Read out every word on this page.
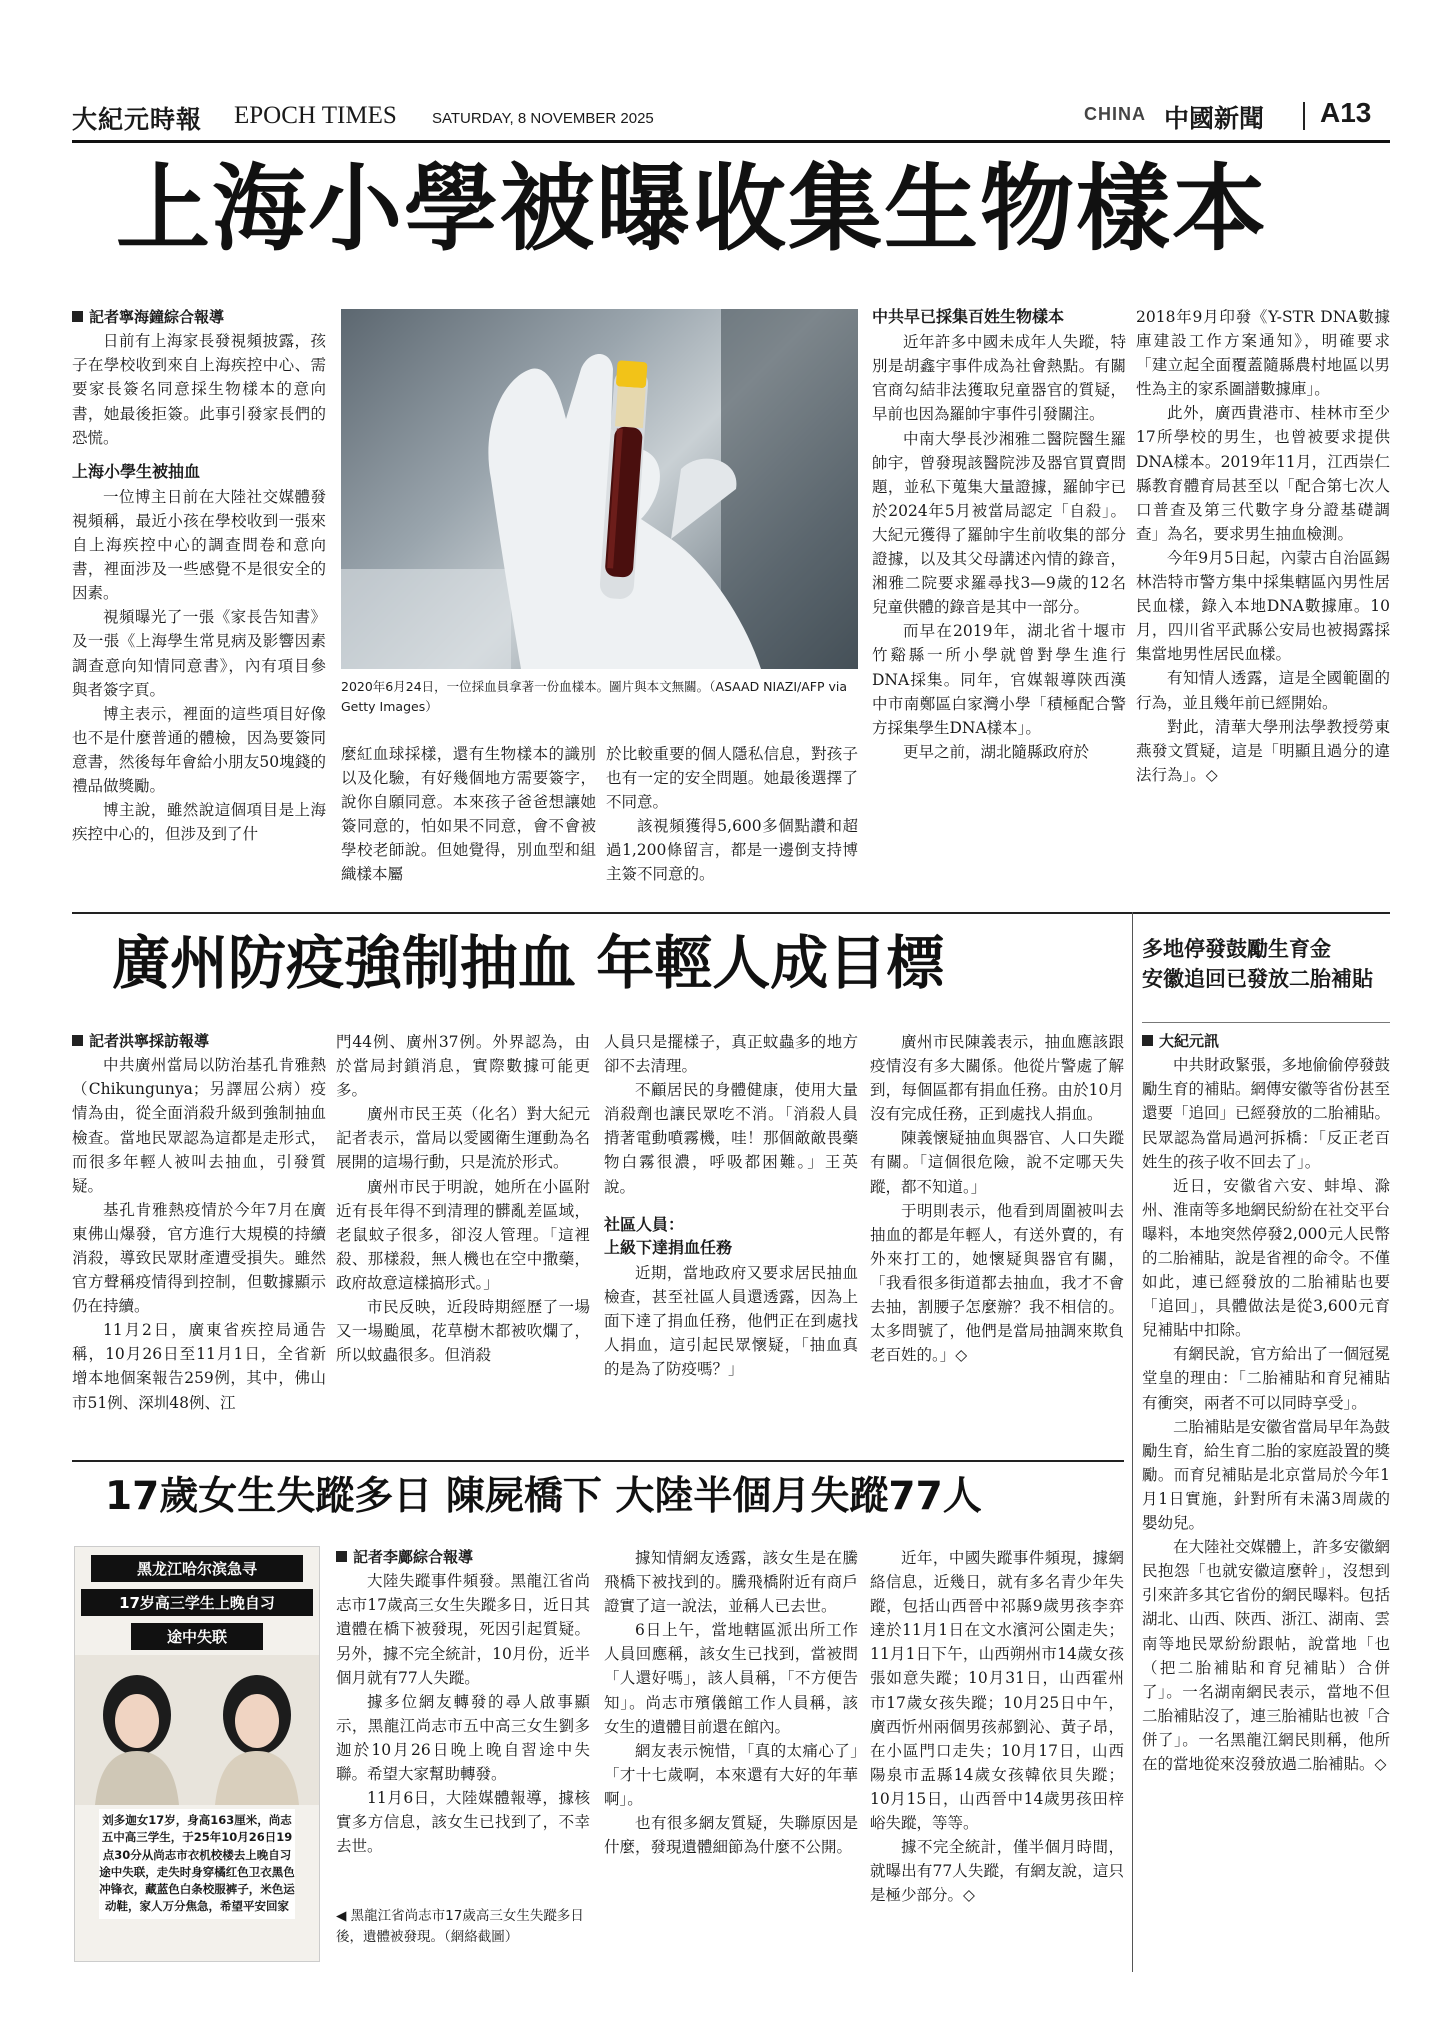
大紀元時報 EPOCH TIMES SATURDAY, 8 NOVEMBER 2025	CHINA 中國新聞 A13
上海小學被曝收集生物樣本
記者寧海鐘綜合報導

日前有上海家長發視頻披露，孩子在學校收到來自上海疾控中心、需要家長簽名同意採生物樣本的意向書，她最後拒簽。此事引發家長們的恐慌。

上海小學生被抽血

一位博主日前在大陸社交媒體發視頻稱，最近小孩在學校收到一張來自上海疾控中心的調查問卷和意向書，裡面涉及一些感覺不是很安全的因素。

視頻曝光了一張《家長告知書》及一張《上海學生常見病及影響因素調查意向知情同意書》，內有項目參與者簽字頁。

博主表示，裡面的這些項目好像也不是什麼普通的體檢，因為要簽同意書，然後每年會給小朋友50塊錢的禮品做獎勵。

博主說，雖然說這個項目是上海疾控中心的，但涉及到了什

2020年6月24日，一位採血員拿著一份血樣本。圖片與本文無關。（ASAAD NIAZI/AFP via Getty Images）

麼紅血球採樣，還有生物樣本的識別以及化驗，有好幾個地方需要簽字，說你自願同意。本來孩子爸爸想讓她簽同意的，怕如果不同意，會不會被學校老師說。但她覺得，別血型和組織樣本屬

於比較重要的個人隱私信息，對孩子也有一定的安全問題。她最後選擇了不同意。

該視頻獲得5,600多個點讚和超過1,200條留言，都是一邊倒支持博主簽不同意的。

中共早已採集百姓生物樣本

近年許多中國未成年人失蹤，特別是胡鑫宇事件成為社會熱點。有關官商勾結非法獲取兒童器官的質疑，早前也因為羅帥宇事件引發關注。

中南大學長沙湘雅二醫院醫生羅帥宇，曾發現該醫院涉及器官買賣問題，並私下蒐集大量證據，羅帥宇已於2024年5月被當局認定「自殺」。大紀元獲得了羅帥宇生前收集的部分證據，以及其父母講述內情的錄音，湘雅二院要求羅尋找3—9歲的12名兒童供體的錄音是其中一部分。

而早在2019年，湖北省十堰市竹谿縣一所小學就曾對學生進行DNA採集。同年，官媒報導陝西漢中市南鄭區白家灣小學「積極配合警方採集學生DNA樣本」。

更早之前，湖北隨縣政府於

2018年9月印發《Y-STR DNA數據庫建設工作方案通知》，明確要求「建立起全面覆蓋隨縣農村地區以男性為主的家系圖譜數據庫」。

此外，廣西貴港市、桂林市至少17所學校的男生，也曾被要求提供DNA樣本。2019年11月，江西崇仁縣教育體育局甚至以「配合第七次人口普查及第三代數字身分證基礎調查」為名，要求男生抽血檢測。

今年9月5日起，內蒙古自治區錫林浩特市警方集中採集轄區內男性居民血樣，錄入本地DNA數據庫。10月，四川省平武縣公安局也被揭露採集當地男性居民血樣。

有知情人透露，這是全國範圍的行為，並且幾年前已經開始。

對此，清華大學刑法學教授勞東燕發文質疑，這是「明顯且過分的違法行為」。◇

廣州防疫強制抽血 年輕人成目標
記者洪寧採訪報導

中共廣州當局以防治基孔肯雅熱（Chikungunya；另譯屈公病）疫情為由，從全面消殺升級到強制抽血檢查。當地民眾認為這都是走形式，而很多年輕人被叫去抽血，引發質疑。

基孔肯雅熱疫情於今年7月在廣東佛山爆發，官方進行大規模的持續消殺，導致民眾財產遭受損失。雖然官方聲稱疫情得到控制，但數據顯示仍在持續。

11月2日，廣東省疾控局通告稱，10月26日至11月1日，全省新增本地個案報告259例，其中，佛山市51例、深圳48例、江

門44例、廣州37例。外界認為，由於當局封鎖消息，實際數據可能更多。

廣州市民王英（化名）對大紀元記者表示，當局以愛國衛生運動為名展開的這場行動，只是流於形式。

廣州市民于明說，她所在小區附近有長年得不到清理的髒亂差區域，老鼠蚊子很多，卻沒人管理。「這裡殺、那樣殺，無人機也在空中撒藥，政府故意這樣搞形式。」

市民反映，近段時期經歷了一場又一場颱風，花草樹木都被吹爛了，所以蚊蟲很多。但消殺

人員只是擺樣子，真正蚊蟲多的地方卻不去清理。

不顧居民的身體健康，使用大量消殺劑也讓民眾吃不消。「消殺人員揹著電動噴霧機，哇！那個敵敵畏藥物白霧很濃，呼吸都困難。」王英說。

社區人員：
上級下達捐血任務

近期，當地政府又要求居民抽血檢查，甚至社區人員還透露，因為上面下達了捐血任務，他們正在到處找人捐血，這引起民眾懷疑，「抽血真的是為了防疫嗎？」

廣州市民陳義表示，抽血應該跟疫情沒有多大關係。他從片警處了解到，每個區都有捐血任務。由於10月沒有完成任務，正到處找人捐血。

陳義懷疑抽血與器官、人口失蹤有關。「這個很危險，說不定哪天失蹤，都不知道。」

于明則表示，他看到周圍被叫去抽血的都是年輕人，有送外賣的，有外來打工的，她懷疑與器官有關，「我看很多街道都去抽血，我才不會去抽，割腰子怎麼辦？我不相信的。太多問號了，他們是當局抽調來欺負老百姓的。」◇

多地停發鼓勵生育金
安徽追回已發放二胎補貼
大紀元訊

中共財政緊張，多地偷偷停發鼓勵生育的補貼。網傳安徽等省份甚至還要「追回」已經發放的二胎補貼。民眾認為當局過河拆橋：「反正老百姓生的孩子收不回去了」。

近日，安徽省六安、蚌埠、滁州、淮南等多地網民紛紛在社交平台曝料，本地突然停發2,000元人民幣的二胎補貼，說是省裡的命令。不僅如此，連已經發放的二胎補貼也要「追回」，具體做法是從3,600元育兒補貼中扣除。

有網民說，官方給出了一個冠冕堂皇的理由：「二胎補貼和育兒補貼有衝突，兩者不可以同時享受」。

二胎補貼是安徽省當局早年為鼓勵生育，給生育二胎的家庭設置的獎勵。而育兒補貼是北京當局於今年1月1日實施，針對所有未滿3周歲的嬰幼兒。

在大陸社交媒體上，許多安徽網民抱怨「也就安徽這麼幹」，沒想到引來許多其它省份的網民曝料。包括湖北、山西、陝西、浙江、湖南、雲南等地民眾紛紛跟帖，說當地「也（把二胎補貼和育兒補貼）合併了」。一名湖南網民表示，當地不但二胎補貼沒了，連三胎補貼也被「合併了」。一名黑龍江網民則稱，他所在的當地從來沒發放過二胎補貼。◇

17歲女生失蹤多日 陳屍橋下 大陸半個月失蹤77人
黑龙江哈尔滨急寻
17岁高三学生上晚自习
途中失联
刘多迦女17岁，身高163厘米，尚志五中高三学生，于25年10月26日19点30分从尚志市衣机校楼去上晚自习途中失联，走失时身穿橘红色卫衣黑色冲锋衣，藏蓝色白条校服裤子，米色运动鞋，家人万分焦急，希望平安回家
記者李鄺綜合報導

大陸失蹤事件頻發。黑龍江省尚志市17歲高三女生失蹤多日，近日其遺體在橋下被發現，死因引起質疑。另外，據不完全統計，10月份，近半個月就有77人失蹤。

據多位網友轉發的尋人啟事顯示，黑龍江尚志市五中高三女生劉多迦於10月26日晚上晚自習途中失聯。希望大家幫助轉發。

11月6日，大陸媒體報導，據核實多方信息，該女生已找到了，不幸去世。

◀ 黑龍江省尚志市17歲高三女生失蹤多日後，遺體被發現。（網絡截圖）

據知情網友透露，該女生是在騰飛橋下被找到的。騰飛橋附近有商戶證實了這一說法，並稱人已去世。

6日上午，當地轄區派出所工作人員回應稱，該女生已找到，當被問「人還好嗎」，該人員稱，「不方便告知」。尚志市殯儀館工作人員稱，該女生的遺體目前還在館內。

網友表示惋惜，「真的太痛心了」「才十七歲啊，本來還有大好的年華啊」。

也有很多網友質疑，失聯原因是什麼，發現遺體細節為什麼不公開。

近年，中國失蹤事件頻現，據網絡信息，近幾日，就有多名青少年失蹤，包括山西晉中祁縣9歲男孩李弈達於11月1日在文水濱河公園走失；11月1日下午，山西朔州市14歲女孩張如意失蹤；10月31日，山西霍州市17歲女孩失蹤；10月25日中午，廣西忻州兩個男孩郝劉沁、黃子昂，在小區門口走失；10月17日，山西陽泉市盂縣14歲女孩韓依貝失蹤；10月15日，山西晉中14歲男孩田梓峪失蹤，等等。

據不完全統計，僅半個月時間，就曝出有77人失蹤，有網友說，這只是極少部分。◇
